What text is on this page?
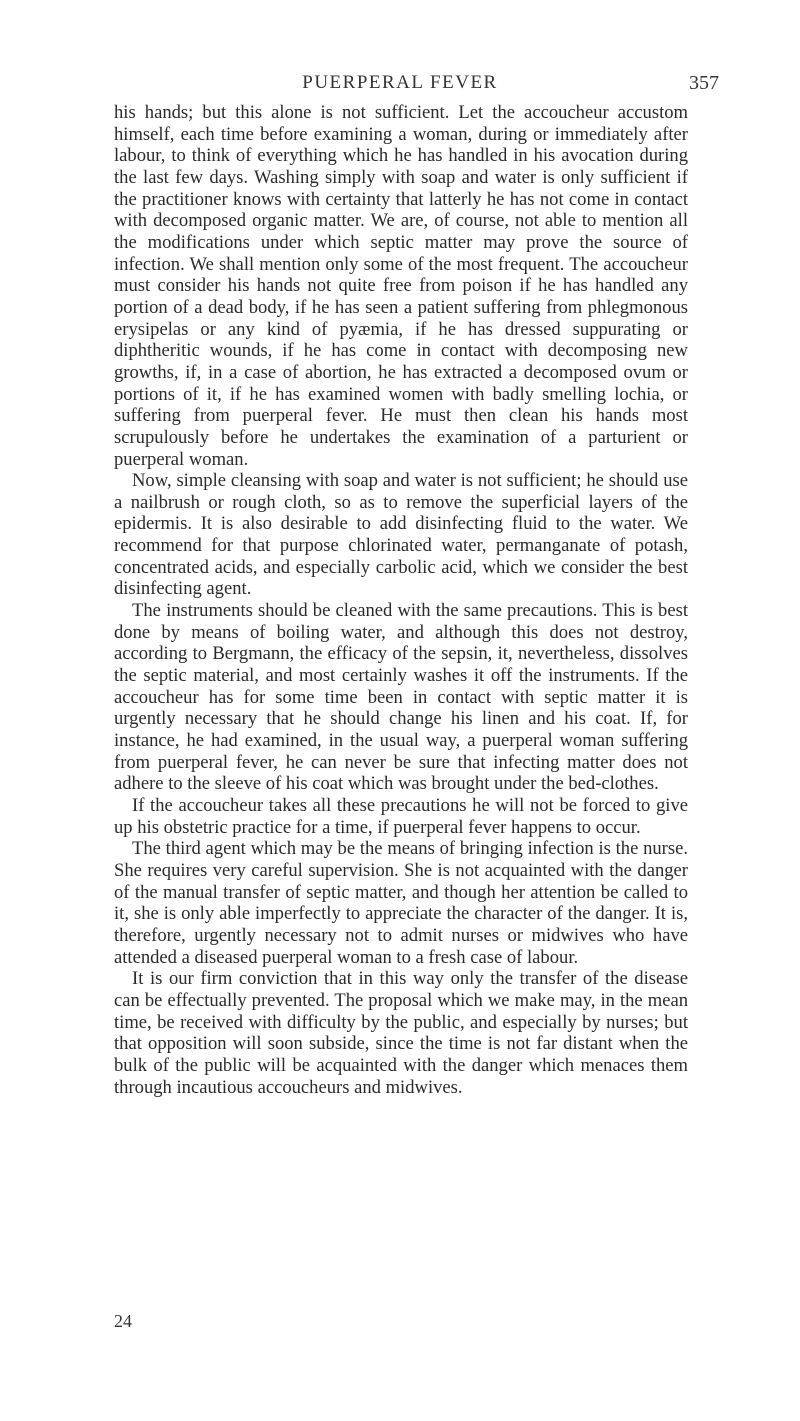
PUERPERAL FEVER	357

his hands; but this alone is not sufficient. Let the accoucheur accustom himself, each time before examining a woman, during or immediately after labour, to think of everything which he has handled in his avocation during the last few days. Washing simply with soap and water is only sufficient if the practitioner knows with certainty that latterly he has not come in contact with decomposed organic matter. We are, of course, not able to mention all the modifications under which septic matter may prove the source of infection. We shall mention only some of the most frequent. The accoucheur must consider his hands not quite free from poison if he has handled any portion of a dead body, if he has seen a patient suffering from phlegmonous erysipelas or any kind of pyæmia, if he has dressed suppurating or diphtheritic wounds, if he has come in contact with decomposing new growths, if, in a case of abortion, he has extracted a decomposed ovum or portions of it, if he has examined women with badly smelling lochia, or suffering from puerperal fever. He must then clean his hands most scrupulously before he undertakes the examination of a parturient or puerperal woman.

Now, simple cleansing with soap and water is not sufficient; he should use a nailbrush or rough cloth, so as to remove the superficial layers of the epidermis. It is also desirable to add disinfecting fluid to the water. We recommend for that purpose chlorinated water, permanganate of potash, concentrated acids, and especially carbolic acid, which we consider the best disinfecting agent.

The instruments should be cleaned with the same precautions. This is best done by means of boiling water, and although this does not destroy, according to Bergmann, the efficacy of the sepsin, it, nevertheless, dissolves the septic material, and most certainly washes it off the instruments. If the accoucheur has for some time been in contact with septic matter it is urgently necessary that he should change his linen and his coat. If, for instance, he had examined, in the usual way, a puerperal woman suffering from puerperal fever, he can never be sure that infecting matter does not adhere to the sleeve of his coat which was brought under the bed-clothes.

If the accoucheur takes all these precautions he will not be forced to give up his obstetric practice for a time, if puerperal fever happens to occur.

The third agent which may be the means of bringing infection is the nurse. She requires very careful supervision. She is not acquainted with the danger of the manual transfer of septic matter, and though her attention be called to it, she is only able imperfectly to appreciate the character of the danger. It is, therefore, urgently necessary not to admit nurses or midwives who have attended a diseased puerperal woman to a fresh case of labour.

It is our firm conviction that in this way only the transfer of the disease can be effectually prevented. The proposal which we make may, in the mean time, be received with difficulty by the public, and especially by nurses; but that opposition will soon subside, since the time is not far distant when the bulk of the public will be acquainted with the danger which menaces them through incautious accoucheurs and midwives.

24
